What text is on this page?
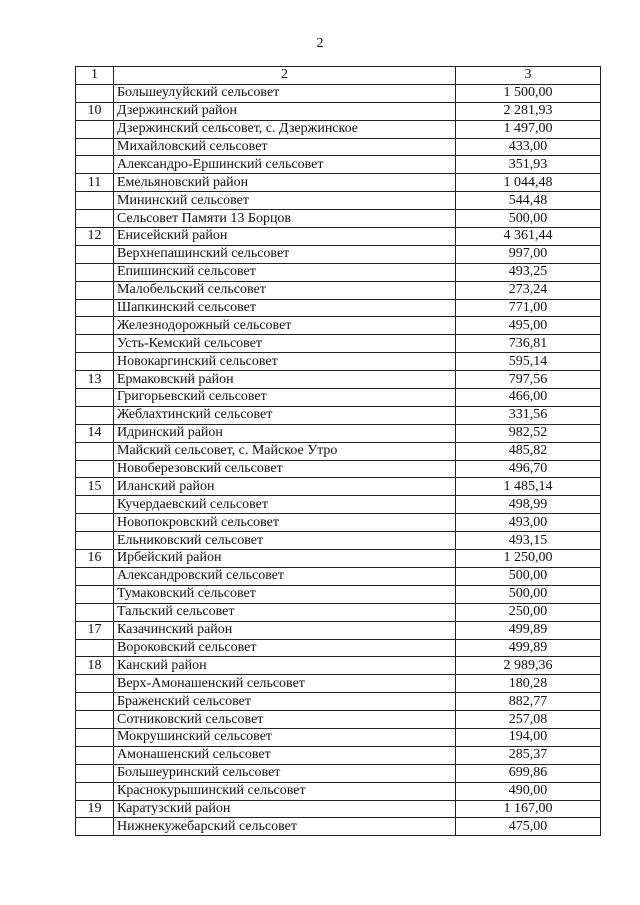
2
1	2	3
	Большеулуйский сельсовет	1 500,00
10	Дзержинский район	2 281,93
	Дзержинский сельсовет, с. Дзержинское	1 497,00
	Михайловский сельсовет	433,00
	Александро-Ершинский сельсовет	351,93
11	Емельяновский район	1 044,48
	Мининский сельсовет	544,48
	Сельсовет Памяти 13 Борцов	500,00
12	Енисейский район	4 361,44
	Верхнепашинский сельсовет	997,00
	Епишинский сельсовет	493,25
	Малобельский сельсовет	273,24
	Шапкинский сельсовет	771,00
	Железнодорожный сельсовет	495,00
	Усть-Кемский сельсовет	736,81
	Новокаргинский сельсовет	595,14
13	Ермаковский район	797,56
	Григорьевский сельсовет	466,00
	Жеблахтинский сельсовет	331,56
14	Идринский район	982,52
	Майский сельсовет, с. Майское Утро	485,82
	Новоберезовский сельсовет	496,70
15	Иланский район	1 485,14
	Кучердаевский сельсовет	498,99
	Новопокровский сельсовет	493,00
	Ельниковский сельсовет	493,15
16	Ирбейский район	1 250,00
	Александровский сельсовет	500,00
	Тумаковский сельсовет	500,00
	Тальский сельсовет	250,00
17	Казачинский район	499,89
	Вороковский сельсовет	499,89
18	Канский район	2 989,36
	Верх-Амонашенский сельсовет	180,28
	Браженский сельсовет	882,77
	Сотниковский сельсовет	257,08
	Мокрушинский сельсовет	194,00
	Амонашенский сельсовет	285,37
	Большеуринский сельсовет	699,86
	Краснокурышинский сельсовет	490,00
19	Каратузский район	1 167,00
	Нижнекужебарский сельсовет	475,00
